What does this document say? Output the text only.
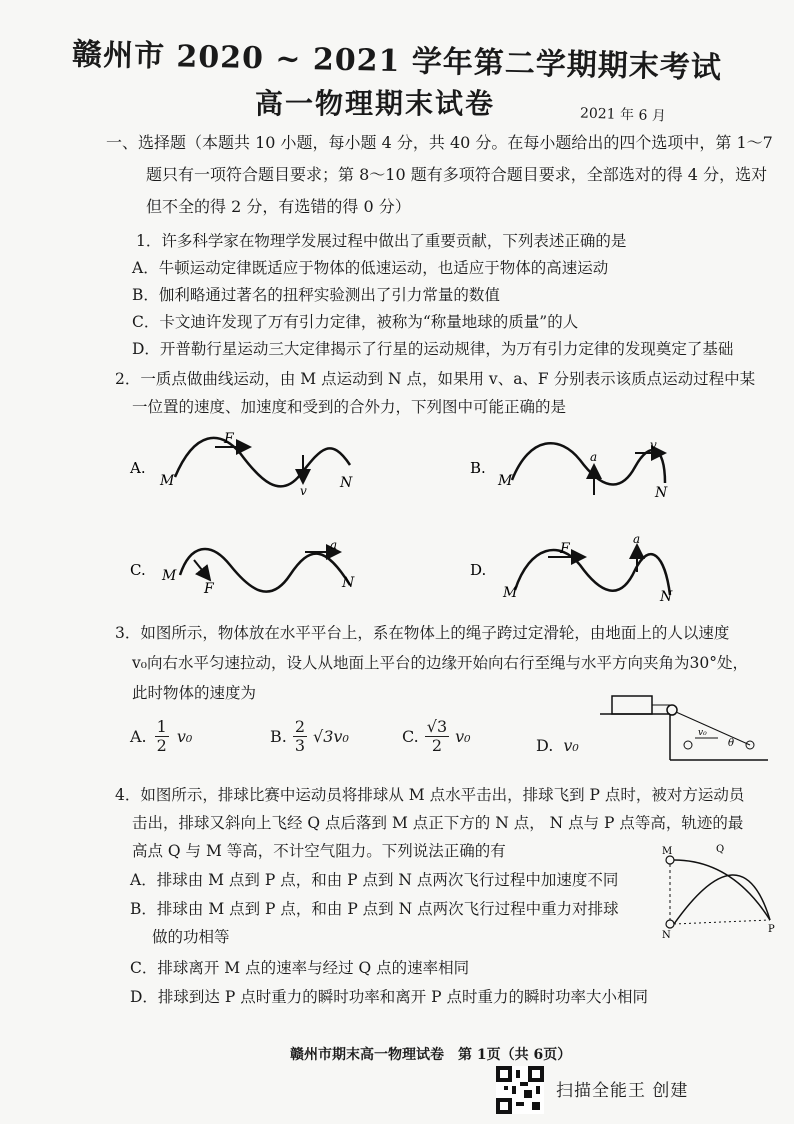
赣州市 2020 ~ 2021 学年第二学期期末考试
高一物理期末试卷	2021 年 6 月
一、选择题（本题共 10 小题，每小题 4 分，共 40 分。在每小题给出的四个选项中，第 1～7
题只有一项符合题目要求；第 8～10 题有多项符合题目要求，全部选对的得 4 分，选对
但不全的得 2 分，有选错的得 0 分）
1．许多科学家在物理学发展过程中做出了重要贡献，下列表述正确的是
A．牛顿运动定律既适应于物体的低速运动，也适应于物体的高速运动
B．伽利略通过著名的扭秤实验测出了引力常量的数值
C．卡文迪许发现了万有引力定律，被称为“称量地球的质量”的人
D．开普勒行星运动三大定律揭示了行星的运动规律，为万有引力定律的发现奠定了基础
2．一质点做曲线运动，由 M 点运动到 N 点，如果用 v、a、F 分别表示该质点运动过程中某
一位置的速度、加速度和受到的合外力，下列图中可能正确的是
A.
M	N
F
v
B.
M
N
a
v
C. M	N
F
a
D.
M	N
F
a
3．如图所示，物体放在水平平台上，系在物体上的绳子跨过定滑轮，由地面上的人以速度
v₀向右水平匀速拉动，设人从地面上平台的边缘开始向右行至绳与水平方向夹角为30°处，
此时物体的速度为
A. $\frac{1}{2} v_0$	B. $\frac{2}{3} √3v_0$	C. $\frac{√3}{2} v_0$	D. v₀
v₀
θ
4．如图所示，排球比赛中运动员将排球从 M 点水平击出，排球飞到 P 点时，被对方运动员
击出，排球又斜向上飞经 Q 点后落到 M 点正下方的 N 点， N 点与 P 点等高，轨迹的最
高点 Q 与 M 等高，不计空气阻力。下列说法正确的有
A．排球由 M 点到 P 点，和由 P 点到 N 点两次飞行过程中加速度不同
B．排球由 M 点到 P 点，和由 P 点到 N 点两次飞行过程中重力对排球
做的功相等
C．排球离开 M 点的速率与经过 Q 点的速率相同
D．排球到达 P 点时重力的瞬时功率和离开 P 点时重力的瞬时功率大小相同
M	Q
N
P
赣州市期末高一物理试卷　第 1页（共 6页）
扫描全能王 创建
